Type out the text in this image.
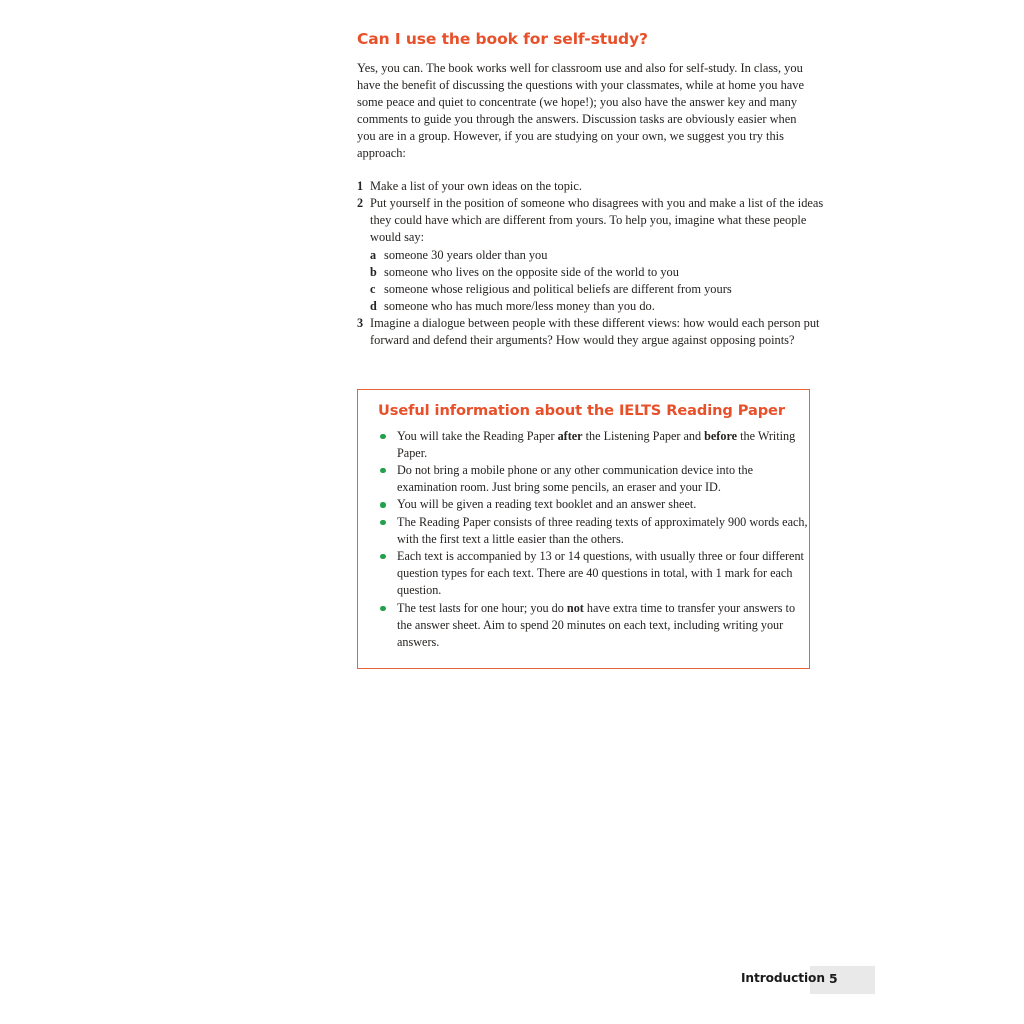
Can I use the book for self-study?

Yes, you can. The book works well for classroom use and also for self-study. In class, you have the benefit of discussing the questions with your classmates, while at home you have some peace and quiet to concentrate (we hope!); you also have the answer key and many comments to guide you through the answers. Discussion tasks are obviously easier when you are in a group. However, if you are studying on your own, we suggest you try this approach:

1 Make a list of your own ideas on the topic.
2 Put yourself in the position of someone who disagrees with you and make a list of the ideas they could have which are different from yours. To help you, imagine what these people would say:
a someone 30 years older than you
b someone who lives on the opposite side of the world to you
c someone whose religious and political beliefs are different from yours
d someone who has much more/less money than you do.
3 Imagine a dialogue between people with these different views: how would each person put forward and defend their arguments? How would they argue against opposing points?
Useful information about the IELTS Reading Paper
You will take the Reading Paper after the Listening Paper and before the Writing Paper.
Do not bring a mobile phone or any other communication device into the examination room. Just bring some pencils, an eraser and your ID.
You will be given a reading text booklet and an answer sheet.
The Reading Paper consists of three reading texts of approximately 900 words each, with the first text a little easier than the others.
Each text is accompanied by 13 or 14 questions, with usually three or four different question types for each text. There are 40 questions in total, with 1 mark for each question.
The test lasts for one hour; you do not have extra time to transfer your answers to the answer sheet. Aim to spend 20 minutes on each text, including writing your answers.
Introduction 5
